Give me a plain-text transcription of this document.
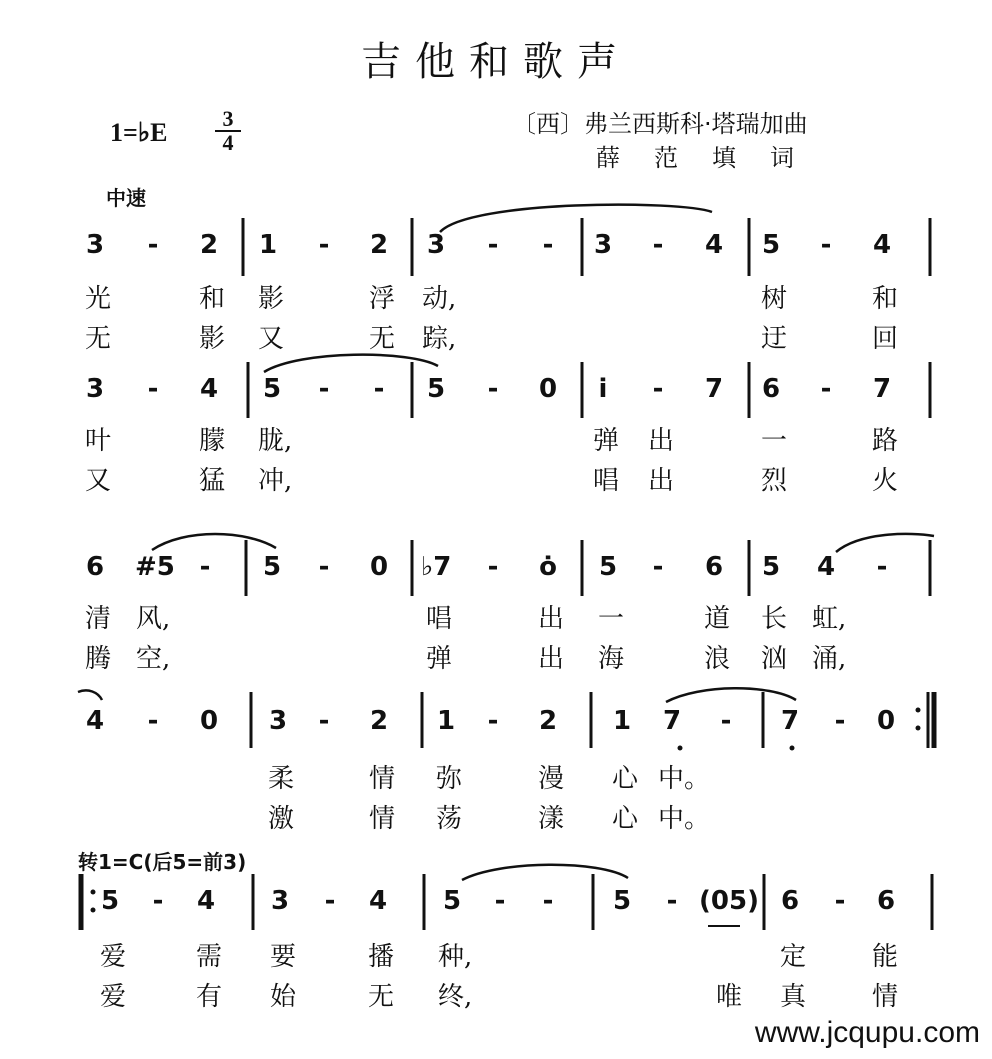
吉他和歌声
1=♭E $\frac{3}{4}$	〔西〕弗兰西斯科·塔瑞加曲
薛范填词
中速
转1=C(后5=前3)
3	-	2 1	-	2 3	-	-	3	-	4 5	-	4
光	和 影	浮 动,	树	和
无	影 又	无 踪,	迂	回
3	-	4 5	-	-	5	-	0	i	-	7 6	-	7
叶	朦 胧,	弹 出	一	路
又	猛 冲,	唱 出	烈	火
6 #5 -	5	-	0 ♭7	-	ȯ 5	-	6 5 4	-
清 风,	唱	出 一	道 长 虹,
腾 空,	弹	出 海	浪 汹 涌,
4	-	0 3	-	2 1	-	2 1 7	-	7	-	0
柔	情 弥	漫 心 中。
激	情 荡	漾 心 中。
5	-	4 3	-	4 5	-	-	5	- (05) 6	-	6
爱	需 要	播 种,	定	能
爱	有 始	无 终,	唯 真	情
www.jcqupu.com
